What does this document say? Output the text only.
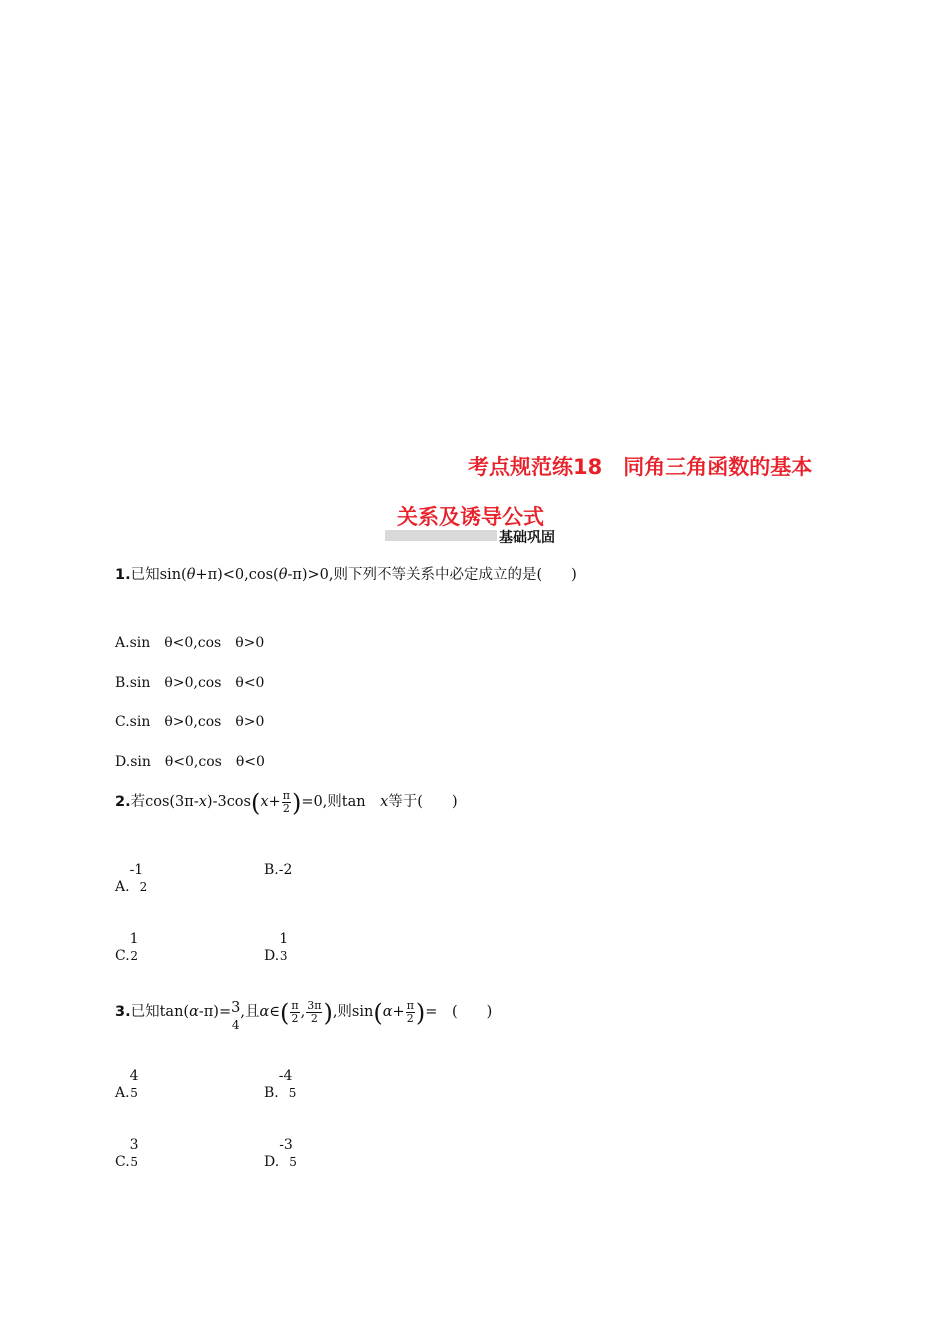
考点规范练18　同角三角函数的基本
关系及诱导公式
基础巩固
1.已知sin(θ+π)<0,cos(θ-π)>0,则下列不等关系中必定成立的是(　　)
A.sin　θ<0,cos　θ>0
B.sin　θ>0,cos　θ<0
C.sin　θ>0,cos　θ>0
D.sin　θ<0,cos　θ<0
2.若$\cos(3\pi-x)-3\cos(x+ \frac{\pi}{2} )=0$,则tan　x等于(　　)
A.
-1
2
B.-2
C.
1
2	D.
1
3
3.已知tan(α-π)= 3
4
,且α∈( $\frac{\pi}{2}$ , $\frac{3\pi}{2}$ ),则$\sin(\alpha+ \frac{\pi}{2}$ )=　(　　)
A.
4
5	B.
-4
5
C.
3
5	D.
-3
5
